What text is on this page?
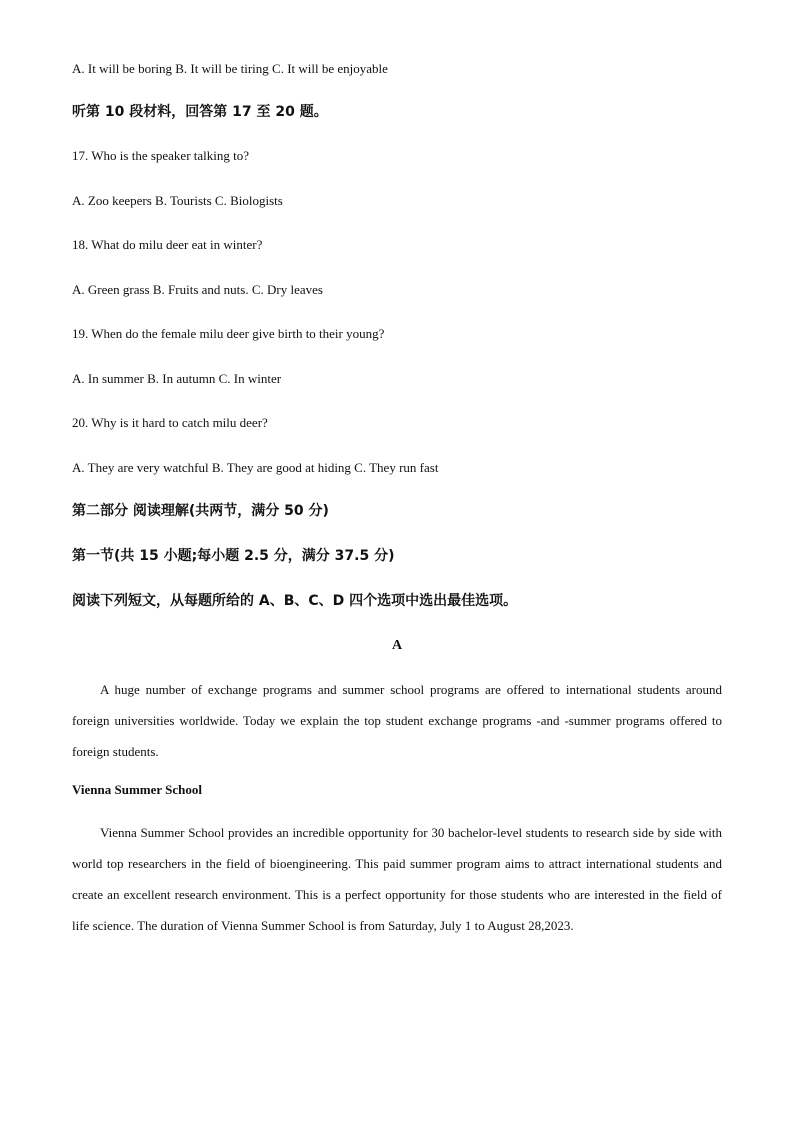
A. It will be boring B. It will be tiring C. It will be enjoyable

听第 10 段材料，回答第 17 至 20 题。

17. Who is the speaker talking to?

A. Zoo keepers B. Tourists C. Biologists

18. What do milu deer eat in winter?

A. Green grass B. Fruits and nuts. C. Dry leaves

19. When do the female milu deer give birth to their young?

A. In summer B. In autumn C. In winter

20. Why is it hard to catch milu deer?

A. They are very watchful B. They are good at hiding C. They run fast

第二部分 阅读理解(共两节，满分 50 分)

第一节(共 15 小题;每小题 2.5 分，满分 37.5 分)

阅读下列短文，从每题所给的 A、B、C、D 四个选项中选出最佳选项。

A

A huge number of exchange programs and summer school programs are offered to international students around foreign universities worldwide. Today we explain the top student exchange programs -and -summer programs offered to foreign students.

Vienna Summer School

Vienna Summer School provides an incredible opportunity for 30 bachelor-level students to research side by side with world top researchers in the field of bioengineering. This paid summer program aims to attract international students and create an excellent research environment. This is a perfect opportunity for those students who are interested in the field of life science. The duration of Vienna Summer School is from Saturday, July 1 to August 28,2023.
